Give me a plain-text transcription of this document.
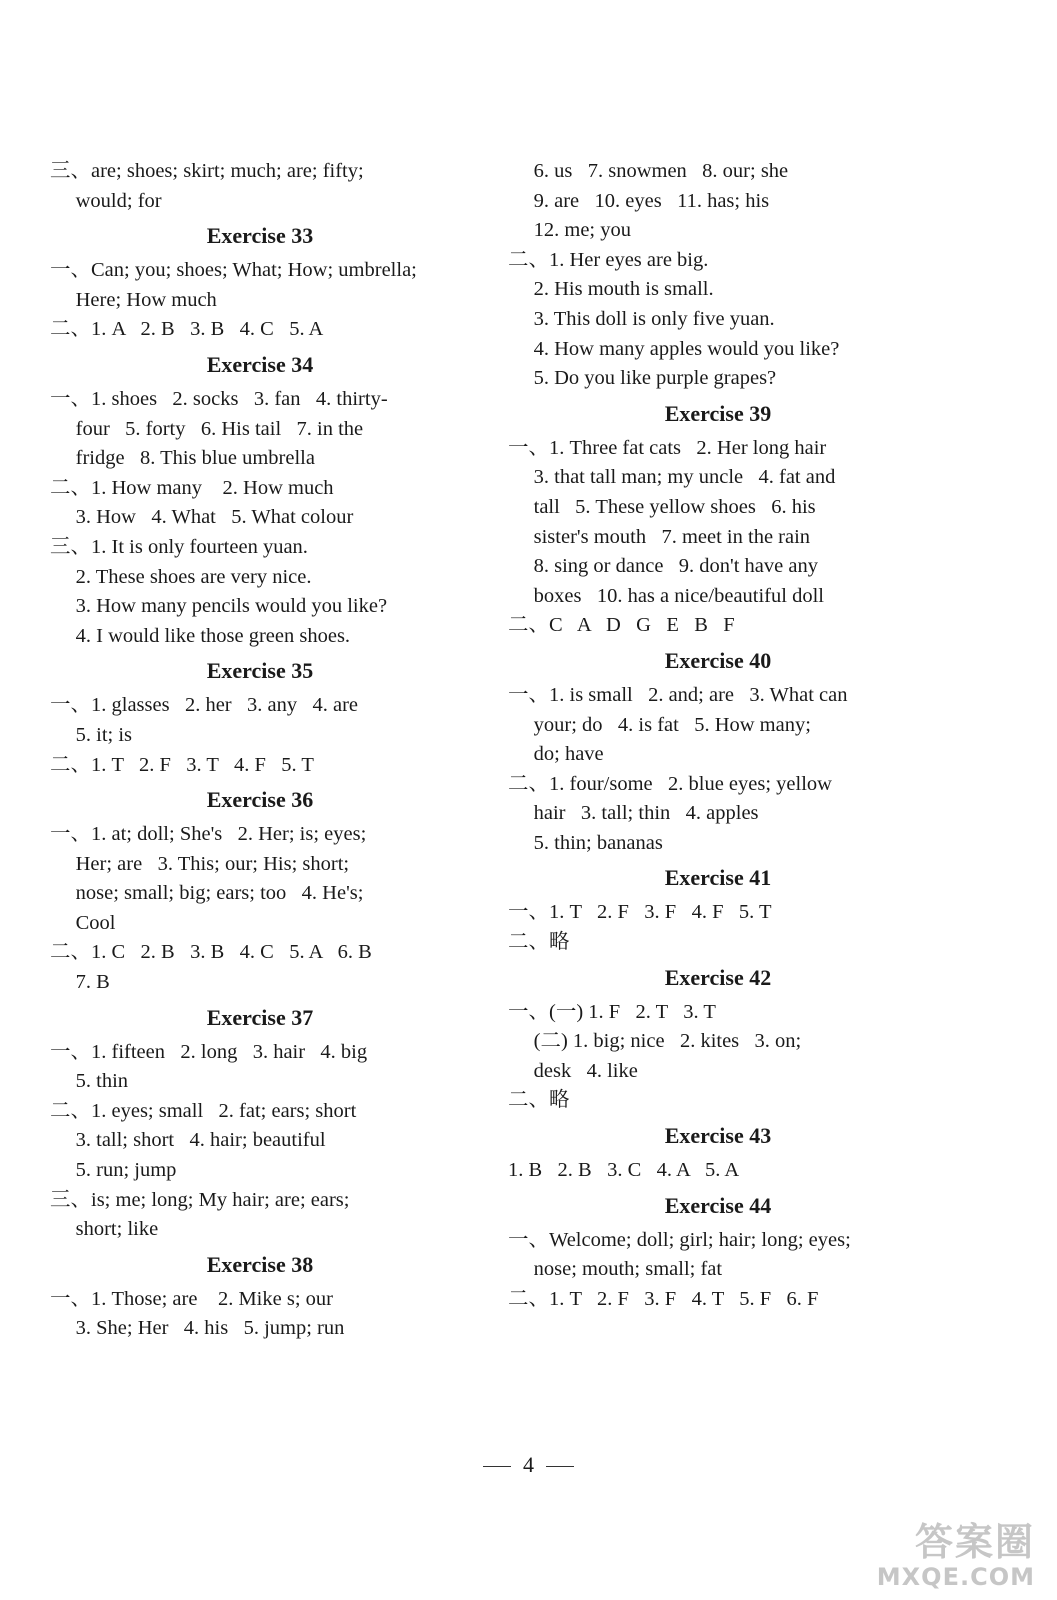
三、are; shoes; skirt; much; are; fifty;
would; for
Exercise 33
一、Can; you; shoes; What; How; umbrella;
Here; How much
二、1. A   2. B   3. B   4. C   5. A
Exercise 34
一、1. shoes   2. socks   3. fan   4. thirty-
four   5. forty   6. His tail   7. in the
fridge   8. This blue umbrella
二、1. How many    2. How much
3. How   4. What   5. What colour
三、1. It is only fourteen yuan.
2. These shoes are very nice.
3. How many pencils would you like?
4. I would like those green shoes.
Exercise 35
一、1. glasses   2. her   3. any   4. are
5. it; is
二、1. T   2. F   3. T   4. F   5. T
Exercise 36
一、1. at; doll; She's   2. Her; is; eyes;
Her; are   3. This; our; His; short;
nose; small; big; ears; too   4. He's;
Cool
二、1. C   2. B   3. B   4. C   5. A   6. B
7. B
Exercise 37
一、1. fifteen   2. long   3. hair   4. big
5. thin
二、1. eyes; small   2. fat; ears; short
3. tall; short   4. hair; beautiful
5. run; jump
三、is; me; long; My hair; are; ears;
short; like
Exercise 38
一、1. Those; are    2. Mike s; our
3. She; Her   4. his   5. jump; run
6. us   7. snowmen   8. our; she
9. are   10. eyes   11. has; his
12. me; you
二、1. Her eyes are big.
2. His mouth is small.
3. This doll is only five yuan.
4. How many apples would you like?
5. Do you like purple grapes?
Exercise 39
一、1. Three fat cats   2. Her long hair
3. that tall man; my uncle   4. fat and
tall   5. These yellow shoes   6. his
sister's mouth   7. meet in the rain
8. sing or dance   9. don't have any
boxes   10. has a nice/beautiful doll
二、C   A   D   G   E   B   F
Exercise 40
一、1. is small   2. and; are   3. What can
your; do   4. is fat   5. How many;
do; have
二、1. four/some   2. blue eyes; yellow
hair   3. tall; thin   4. apples
5. thin; bananas
Exercise 41
一、1. T   2. F   3. F   4. F   5. T
二、略
Exercise 42
一、(一) 1. F   2. T   3. T
(二) 1. big; nice   2. kites   3. on;
desk   4. like
二、略
Exercise 43
1. B   2. B   3. C   4. A   5. A
Exercise 44
一、Welcome; doll; girl; hair; long; eyes;
nose; mouth; small; fat
二、1. T   2. F   3. F   4. T   5. F   6. F
4
答案圈
MXQE.COM
